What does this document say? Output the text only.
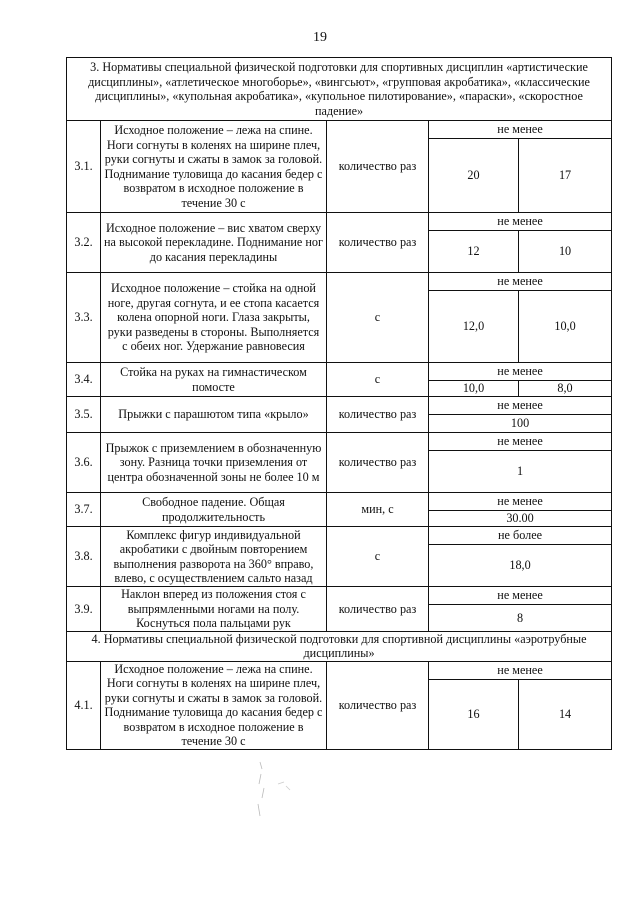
19
3. Нормативы специальной физической подготовки для спортивных дисциплин «артистические дисциплины», «атлетическое многоборье», «вингсьют», «групповая акробатика», «классические дисциплины», «купольная акробатика», «купольное пилотирование», «параски», «скоростное падение»				
3.1.	Исходное положение – лежа на спине. Ноги согнуты в коленях на ширине плеч, руки согнуты и сжаты в замок за головой. Поднимание туловища до касания бедер с возвратом в исходное положение в течение 30 с	количество раз	не менее	
			20	17
3.2.	Исходное положение – вис хватом сверху на высокой перекладине. Поднимание ног до касания перекладины	количество раз	не менее	
			12	10
3.3.	Исходное положение – стойка на одной ноге, другая согнута, и ее стопа касается колена опорной ноги. Глаза закрыты, руки разведены в стороны. Выполняется с обеих ног. Удержание равновесия	с	не менее	
			12,0	10,0
3.4.	Стойка на руках на гимнастическом помосте	с	не менее	
			10,0	8,0
3.5.	Прыжки с парашютом типа «крыло»	количество раз	не менее	
			100	
3.6.	Прыжок с приземлением в обозначенную зону. Разница точки приземления от центра обозначенной зоны не более 10 м	количество раз	не менее	
			1	
3.7.	Свободное падение. Общая продолжительность	мин, с	не менее	
			30.00	
3.8.	Комплекс фигур индивидуальной акробатики с двойным повторением выполнения разворота на 360° вправо, влево, с осуществлением сальто назад	с	не более	
			18,0	
3.9.	Наклон вперед из положения стоя с выпрямленными ногами на полу. Коснуться пола пальцами рук	количество раз	не менее	
			8	
4. Нормативы специальной физической подготовки для спортивной дисциплины «аэротрубные дисциплины»				
4.1.	Исходное положение – лежа на спине. Ноги согнуты в коленях на ширине плеч, руки согнуты и сжаты в замок за головой. Поднимание туловища до касания бедер с возвратом в исходное положение в течение 30 с	количество раз	не менее	
			16	14
